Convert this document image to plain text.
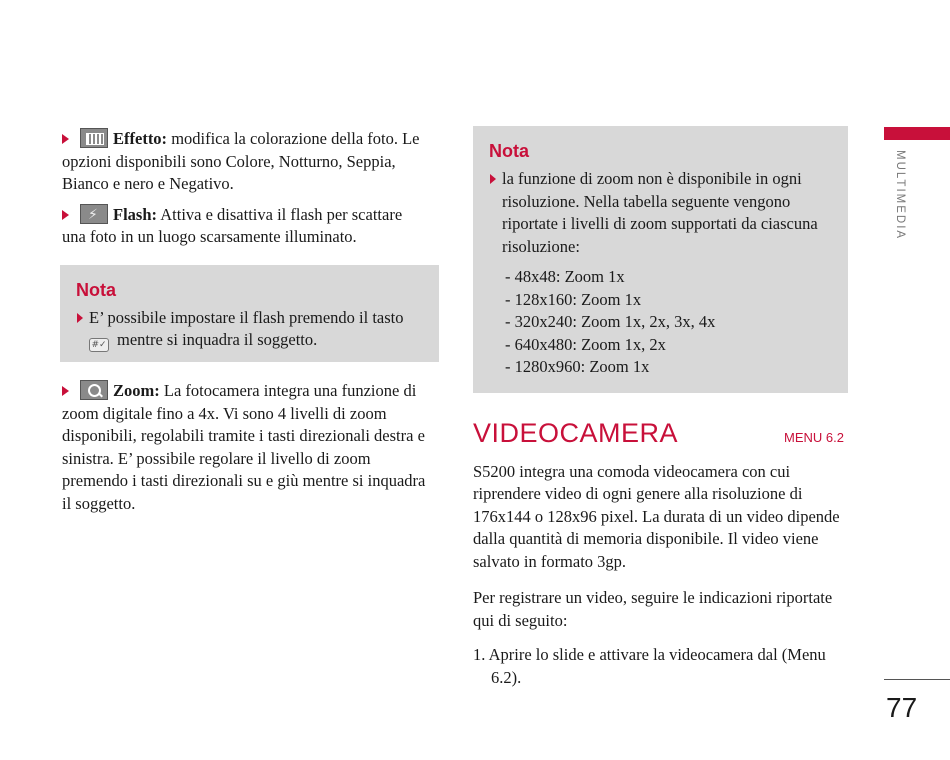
Effetto: modifica la colorazione della foto. Le
opzioni disponibili sono Colore, Notturno, Seppia, Bianco e nero e Negativo.
⚡Flash: Attiva e disattiva il flash per scattare
una foto in un luogo scarsamente illuminato.
Nota
E’ possibile impostare il flash premendo il tasto
#✓ mentre si inquadra il soggetto.
Zoom: La fotocamera integra una funzione di
zoom digitale fino a 4x. Vi sono 4 livelli di zoom disponibili, regolabili tramite i tasti direzionali destra e sinistra. E’ possibile regolare il livello di zoom premendo i tasti direzionali su e giù mentre si inquadra il soggetto.
Nota
la funzione di zoom non è disponibile in ogni risoluzione. Nella tabella seguente vengono riportate i livelli di zoom supportati da ciascuna risoluzione:
- 48x48: Zoom 1x
- 128x160: Zoom 1x
- 320x240: Zoom 1x, 2x, 3x, 4x
- 640x480: Zoom 1x, 2x
- 1280x960: Zoom 1x
VIDEOCAMERA	MENU 6.2
S5200 integra una comoda videocamera con cui riprendere video di ogni genere alla risoluzione di 176x144 o 128x96 pixel. La durata di un video dipende dalla quantità di memoria disponibile. Il video viene salvato in formato 3gp.
Per registrare un video, seguire le indicazioni riportate qui di seguito:
1. Aprire lo slide e attivare la videocamera dal (Menu 6.2).
MULTIMEDIA
77
